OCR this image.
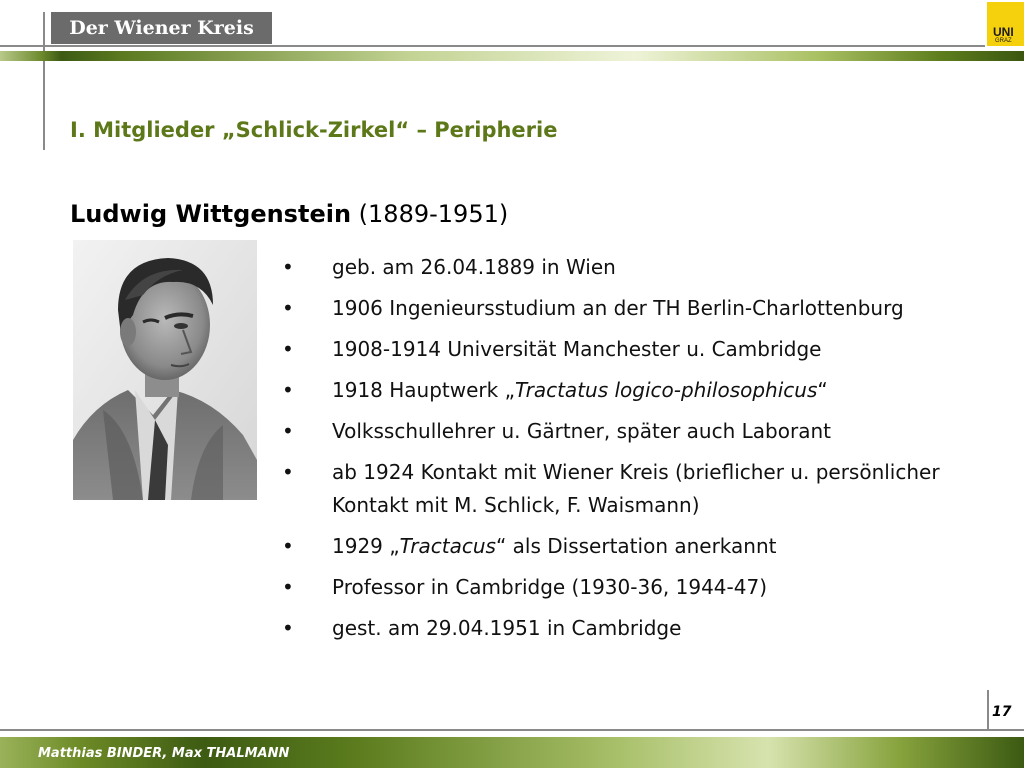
Der Wiener Kreis	UNI
GRAZ
I. Mitglieder „Schlick-Zirkel“ – Peripherie
Ludwig Wittgenstein (1889-1951)
• geb. am 26.04.1889 in Wien
• 1906 Ingenieursstudium an der TH Berlin-Charlottenburg
• 1908-1914 Universität Manchester u. Cambridge
• 1918 Hauptwerk „Tractatus logico-philosophicus“
• Volksschullehrer u. Gärtner, später auch Laborant
• ab 1924 Kontakt mit Wiener Kreis (brieflicher u. persönlicher Kontakt mit M. Schlick, F. Waismann)
• 1929 „Tractacus“ als Dissertation anerkannt
• Professor in Cambridge (1930-36, 1944-47)
• gest. am 29.04.1951 in Cambridge
17
Matthias BINDER, Max THALMANN
